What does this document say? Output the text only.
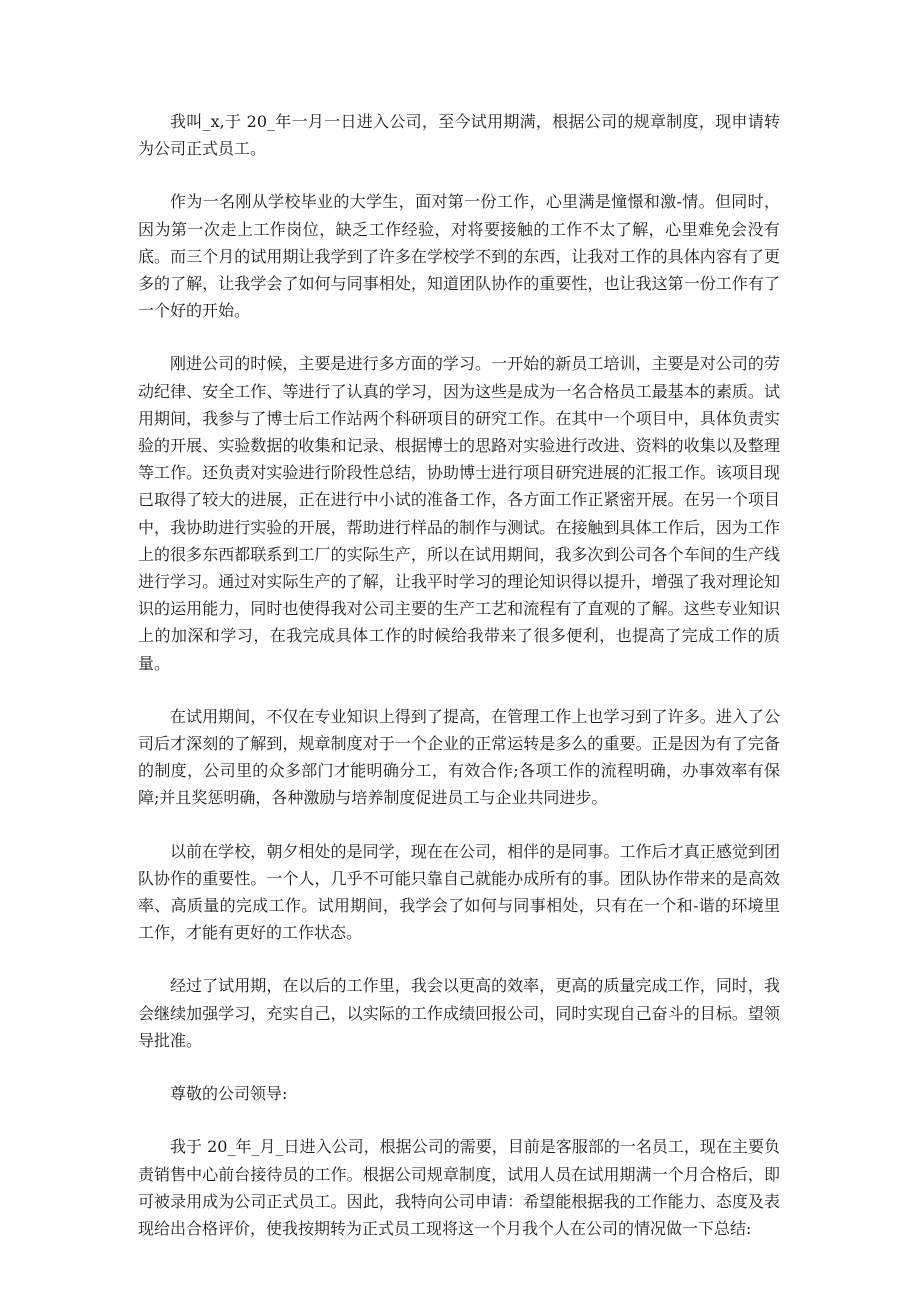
我叫_x,于 20_年一月一日进入公司，至今试用期满，根据公司的规章制度，现申请转为公司正式员工。

作为一名刚从学校毕业的大学生，面对第一份工作，心里满是憧憬和激-情。但同时，因为第一次走上工作岗位，缺乏工作经验，对将要接触的工作不太了解，心里难免会没有底。而三个月的试用期让我学到了许多在学校学不到的东西，让我对工作的具体内容有了更多的了解，让我学会了如何与同事相处，知道团队协作的重要性，也让我这第一份工作有了一个好的开始。

刚进公司的时候，主要是进行多方面的学习。一开始的新员工培训，主要是对公司的劳动纪律、安全工作、等进行了认真的学习，因为这些是成为一名合格员工最基本的素质。试用期间，我参与了博士后工作站两个科研项目的研究工作。在其中一个项目中，具体负责实验的开展、实验数据的收集和记录、根据博士的思路对实验进行改进、资料的收集以及整理等工作。还负责对实验进行阶段性总结，协助博士进行项目研究进展的汇报工作。该项目现已取得了较大的进展，正在进行中小试的准备工作，各方面工作正紧密开展。在另一个项目中，我协助进行实验的开展，帮助进行样品的制作与测试。在接触到具体工作后，因为工作上的很多东西都联系到工厂的实际生产，所以在试用期间，我多次到公司各个车间的生产线进行学习。通过对实际生产的了解，让我平时学习的理论知识得以提升，增强了我对理论知识的运用能力，同时也使得我对公司主要的生产工艺和流程有了直观的了解。这些专业知识上的加深和学习，在我完成具体工作的时候给我带来了很多便利，也提高了完成工作的质量。

在试用期间，不仅在专业知识上得到了提高，在管理工作上也学习到了许多。进入了公司后才深刻的了解到，规章制度对于一个企业的正常运转是多么的重要。正是因为有了完备的制度，公司里的众多部门才能明确分工，有效合作;各项工作的流程明确，办事效率有保障;并且奖惩明确，各种激励与培养制度促进员工与企业共同进步。

以前在学校，朝夕相处的是同学，现在在公司，相伴的是同事。工作后才真正感觉到团队协作的重要性。一个人，几乎不可能只靠自己就能办成所有的事。团队协作带来的是高效率、高质量的完成工作。试用期间，我学会了如何与同事相处，只有在一个和-谐的环境里工作，才能有更好的工作状态。

经过了试用期，在以后的工作里，我会以更高的效率，更高的质量完成工作，同时，我会继续加强学习，充实自己，以实际的工作成绩回报公司，同时实现自己奋斗的目标。望领导批准。

尊敬的公司领导:

我于 20_年_月_日进入公司，根据公司的需要，目前是客服部的一名员工，现在主要负责销售中心前台接待员的工作。根据公司规章制度，试用人员在试用期满一个月合格后，即可被录用成为公司正式员工。因此，我特向公司申请：希望能根据我的工作能力、态度及表现给出合格评价，使我按期转为正式员工现将这一个月我个人在公司的情况做一下总结:
